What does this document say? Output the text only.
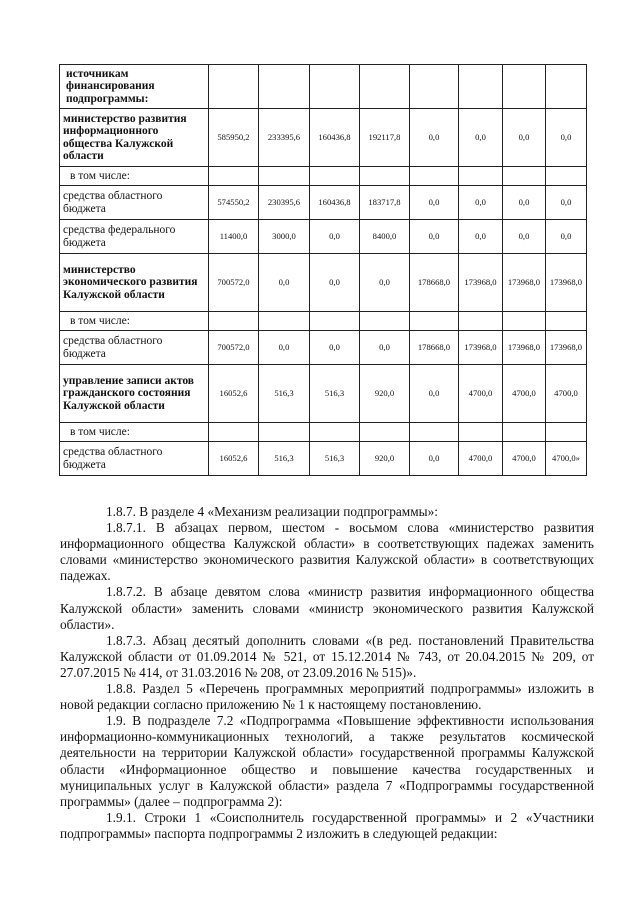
источникам финансирования подпрограммы:								
министерство развития информационного общества Калужской области	585950,2	233395,6	160436,8	192117,8	0,0	0,0	0,0	0,0
в том числе:								
средства областного бюджета	574550,2	230395,6	160436,8	183717,8	0,0	0,0	0,0	0,0
средства федерального бюджета	11400,0	3000,0	0,0	8400,0	0,0	0,0	0,0	0,0
министерство экономического развития Калужской области	700572,0	0,0	0,0	0,0	178668,0	173968,0	173968,0	173968,0
в том числе:								
средства областного бюджета	700572,0	0,0	0,0	0,0	178668,0	173968,0	173968,0	173968,0
управление записи актов гражданского состояния Калужской области	16052,6	516,3	516,3	920,0	0,0	4700,0	4700,0	4700,0
в том числе:								
средства областного бюджета	16052,6	516,3	516,3	920,0	0,0	4700,0	4700,0	4700,0»

1.8.7. В разделе 4 «Механизм реализации подпрограммы»:

1.8.7.1. В абзацах первом, шестом - восьмом слова «министерство развития информационного общества Калужской области» в соответствующих падежах заменить словами «министерство экономического развития Калужской области» в соответствующих падежах.

1.8.7.2. В абзаце девятом слова «министр развития информационного общества Калужской области» заменить словами «министр экономического развития Калужской области».

1.8.7.3. Абзац десятый дополнить словами «(в ред. постановлений Правительства Калужской области от 01.09.2014 № 521, от 15.12.2014 № 743, от 20.04.2015 № 209, от 27.07.2015 № 414, от 31.03.2016 № 208, от 23.09.2016 № 515)».

1.8.8. Раздел 5 «Перечень программных мероприятий подпрограммы» изложить в новой редакции согласно приложению № 1 к настоящему постановлению.

1.9. В подразделе 7.2 «Подпрограмма «Повышение эффективности использования информационно-коммуникационных технологий, а также результатов космической деятельности на территории Калужской области» государственной программы Калужской области «Информационное общество и повышение качества государственных и муниципальных услуг в Калужской области» раздела 7 «Подпрограммы государственной программы» (далее – подпрограмма 2):

1.9.1. Строки 1 «Соисполнитель государственной программы» и 2 «Участники подпрограммы» паспорта подпрограммы 2 изложить в следующей редакции:
